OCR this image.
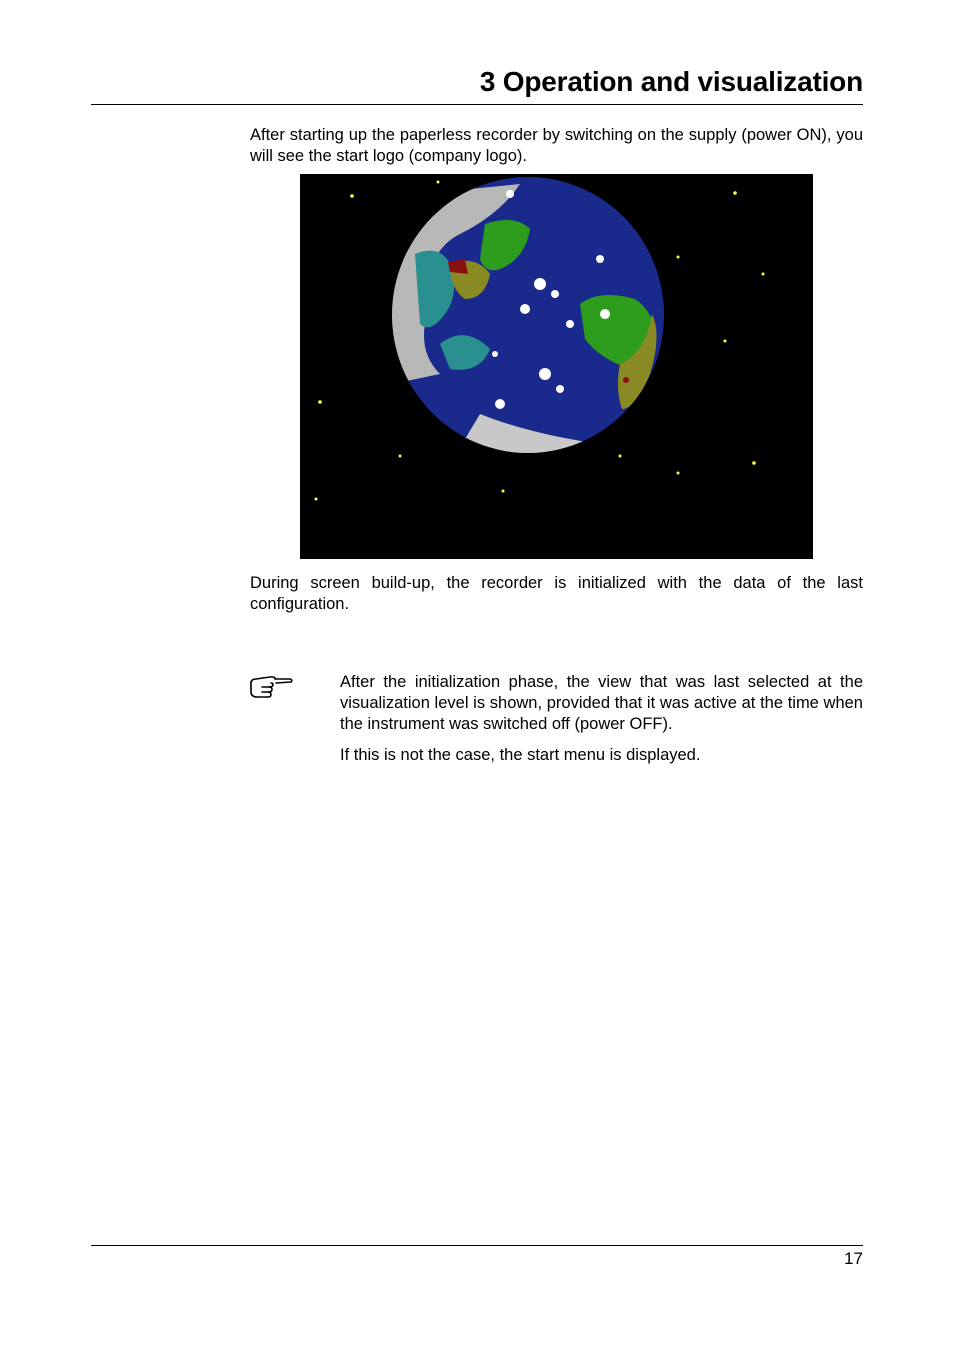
3 Operation and visualization

After starting up the paperless recorder by switching on the supply (power ON), you will see the start logo (company logo).

During screen build-up, the recorder is initialized with the data of the last configuration.

After the initialization phase, the view that was last selected at the visualization level is shown, provided that it was active at the time when the instrument was switched off (power OFF).

If this is not the case, the start menu is displayed.

17
